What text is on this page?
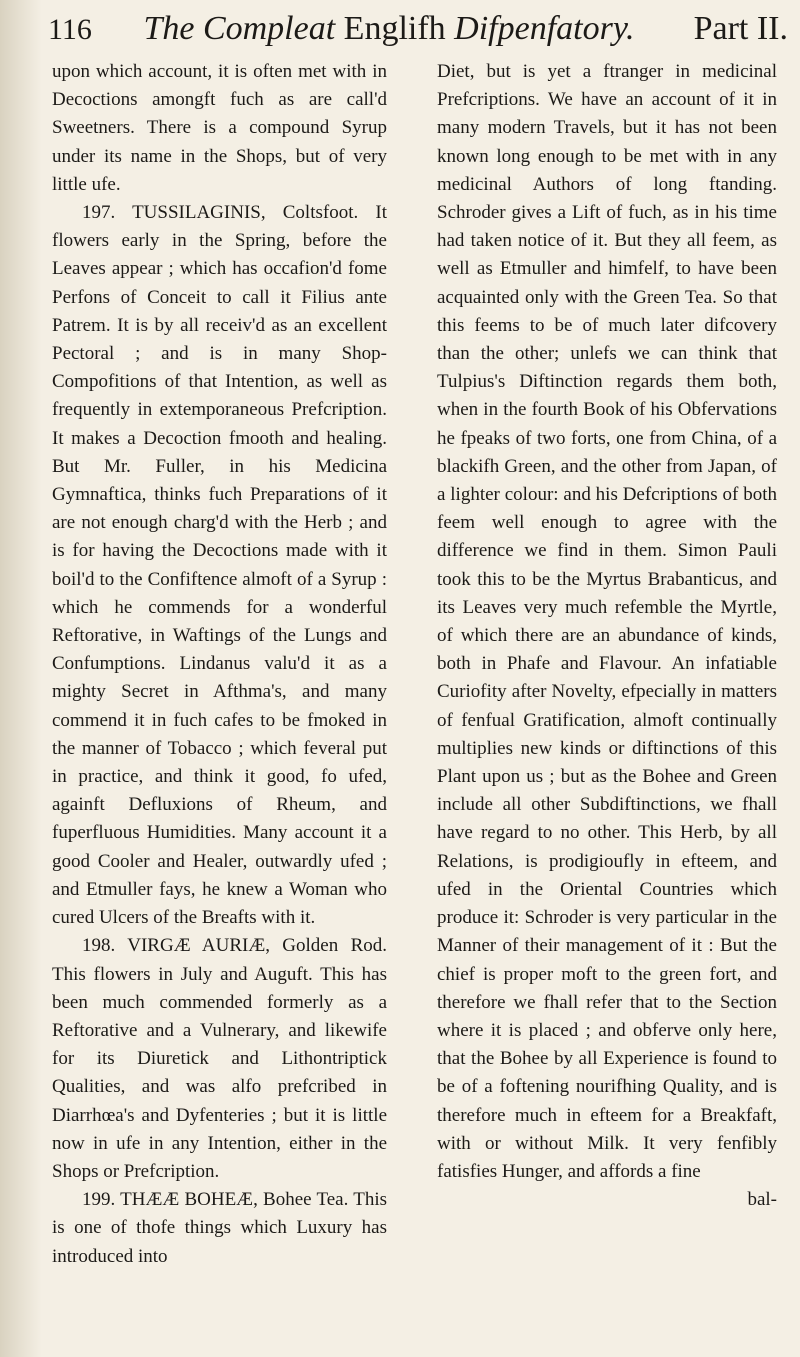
116	The Compleat Englifh Difpenfatory.	Part II.

upon which account, it is often met with in Decoctions amongft fuch as are call'd Sweetners. There is a compound Syrup under its name in the Shops, but of very little ufe.

197. TUSSILAGINIS, Coltsfoot. It flowers early in the Spring, before the Leaves appear ; which has occafion'd fome Perfons of Conceit to call it Filius ante Patrem. It is by all receiv'd as an excellent Pectoral ; and is in many Shop-Compofitions of that Intention, as well as frequently in extemporaneous Prefcription. It makes a Decoction fmooth and healing. But Mr. Fuller, in his Medicina Gymnaftica, thinks fuch Preparations of it are not enough charg'd with the Herb ; and is for having the Decoctions made with it boil'd to the Confiftence almoft of a Syrup : which he commends for a wonderful Reftorative, in Waftings of the Lungs and Confumptions. Lindanus valu'd it as a mighty Secret in Afthma's, and many commend it in fuch cafes to be fmoked in the manner of Tobacco ; which feveral put in practice, and think it good, fo ufed, againft Defluxions of Rheum, and fuperfluous Humidities. Many account it a good Cooler and Healer, outwardly ufed ; and Etmuller fays, he knew a Woman who cured Ulcers of the Breafts with it.

198. VIRGÆ AURIÆ, Golden Rod. This flowers in July and Auguft. This has been much commended formerly as a Reftorative and a Vulnerary, and likewife for its Diuretick and Lithontriptick Qualities, and was alfo prefcribed in Diarrhœa's and Dyfenteries ; but it is little now in ufe in any Intention, either in the Shops or Prefcription.

199. THÆÆ BOHEÆ, Bohee Tea. This is one of thofe things which Luxury has introduced into

Diet, but is yet a ftranger in medicinal Prefcriptions. We have an account of it in many modern Travels, but it has not been known long enough to be met with in any medicinal Authors of long ftanding. Schroder gives a Lift of fuch, as in his time had taken notice of it. But they all feem, as well as Etmuller and himfelf, to have been acquainted only with the Green Tea. So that this feems to be of much later difcovery than the other; unlefs we can think that Tulpius's Diftinction regards them both, when in the fourth Book of his Obfervations he fpeaks of two forts, one from China, of a blackifh Green, and the other from Japan, of a lighter colour: and his Defcriptions of both feem well enough to agree with the difference we find in them. Simon Pauli took this to be the Myrtus Brabanticus, and its Leaves very much refemble the Myrtle, of which there are an abundance of kinds, both in Phafe and Flavour. An infatiable Curiofity after Novelty, efpecially in matters of fenfual Gratification, almoft continually multiplies new kinds or diftinctions of this Plant upon us ; but as the Bohee and Green include all other Subdiftinctions, we fhall have regard to no other. This Herb, by all Relations, is prodigioufly in efteem, and ufed in the Oriental Countries which produce it: Schroder is very particular in the Manner of their management of it : But the chief is proper moft to the green fort, and therefore we fhall refer that to the Section where it is placed ; and obferve only here, that the Bohee by all Experience is found to be of a foftening nourifhing Quality, and is therefore much in efteem for a Breakfaft, with or without Milk. It very fenfibly fatisfies Hunger, and affords a fine

bal-
